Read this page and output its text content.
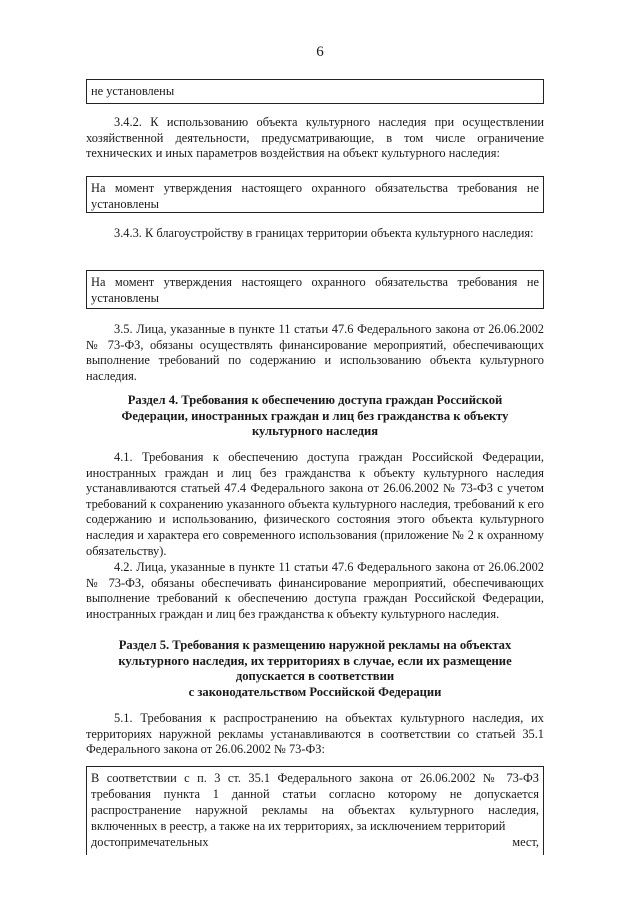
6
не установлены

3.4.2. К использованию объекта культурного наследия при осуществлении хозяйственной деятельности, предусматривающие, в том числе ограничение технических и иных параметров воздействия на объект культурного наследия:

На момент утверждения настоящего охранного обязательства требования не установлены

3.4.3. К благоустройству в границах территории объекта культурного наследия:

На момент утверждения настоящего охранного обязательства требования не установлены

3.5. Лица, указанные в пункте 11 статьи 47.6 Федерального закона от 26.06.2002 № 73-ФЗ, обязаны осуществлять финансирование мероприятий, обеспечивающих выполнение требований по содержанию и использованию объекта культурного наследия.

Раздел 4. Требования к обеспечению доступа граждан Российской
Федерации, иностранных граждан и лиц без гражданства к объекту
культурного наследия

4.1. Требования к обеспечению доступа граждан Российской Федерации, иностранных граждан и лиц без гражданства к объекту культурного наследия устанавливаются статьей 47.4 Федерального закона от 26.06.2002 № 73-ФЗ с учетом требований к сохранению указанного объекта культурного наследия, требований к его содержанию и использованию, физического состояния этого объекта культурного наследия и характера его современного использования (приложение № 2 к охранному обязательству).

4.2. Лица, указанные в пункте 11 статьи 47.6 Федерального закона от 26.06.2002 № 73-ФЗ, обязаны обеспечивать финансирование мероприятий, обеспечивающих выполнение требований к обеспечению доступа граждан Российской Федерации, иностранных граждан и лиц без гражданства к объекту культурного наследия.

Раздел 5. Требования к размещению наружной рекламы на объектах
культурного наследия, их территориях в случае, если их размещение
допускается в соответствии
с законодательством Российской Федерации

5.1. Требования к распространению на объектах культурного наследия, их территориях наружной рекламы устанавливаются в соответствии со статьей 35.1 Федерального закона от 26.06.2002 № 73-ФЗ:

В соответствии с п. 3 ст. 35.1 Федерального закона от 26.06.2002 № 73-ФЗ требования пункта 1 данной статьи согласно которому не допускается распространение наружной рекламы на объектах культурного наследия, включенных в реестр, а также на их территориях, за исключением территорий
достопримечательных	мест,
